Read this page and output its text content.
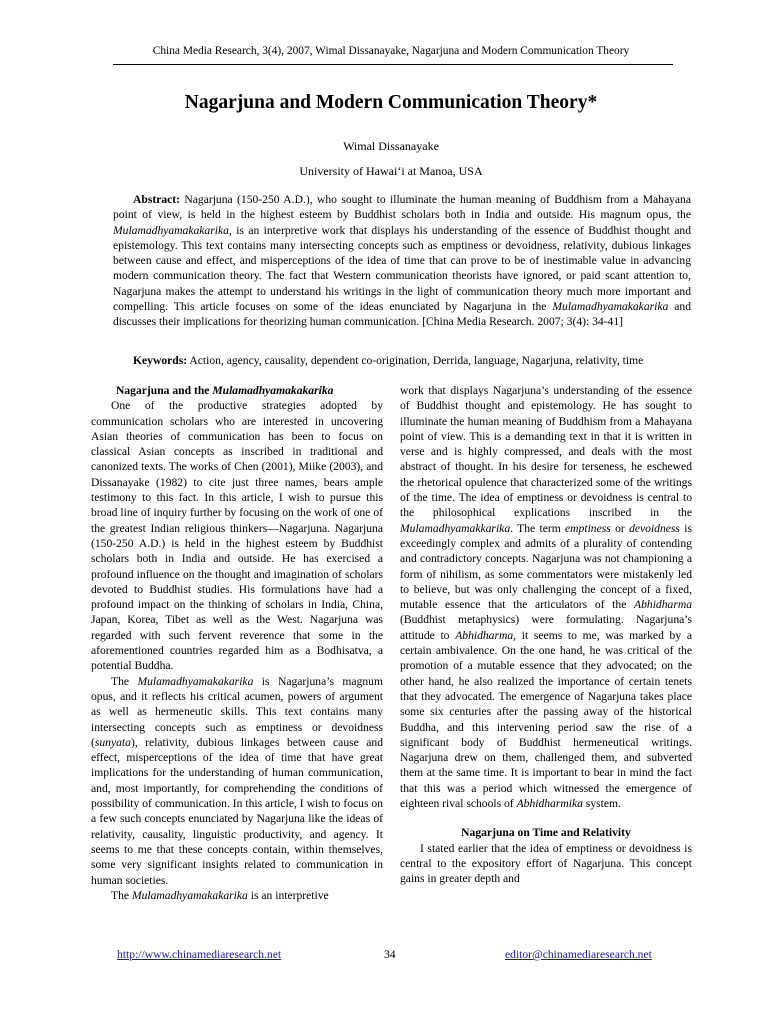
China Media Research, 3(4), 2007, Wimal Dissanayake, Nagarjuna and Modern Communication Theory
Nagarjuna and Modern Communication Theory*
Wimal Dissanayake
University of Hawai‘i at Manoa, USA

Abstract: Nagarjuna (150-250 A.D.), who sought to illuminate the human meaning of Buddhism from a Mahayana point of view, is held in the highest esteem by Buddhist scholars both in India and outside. His magnum opus, the Mulamadhyamakakarika, is an interpretive work that displays his understanding of the essence of Buddhist thought and epistemology. This text contains many intersecting concepts such as emptiness or devoidness, relativity, dubious linkages between cause and effect, and misperceptions of the idea of time that can prove to be of inestimable value in advancing modern communication theory. The fact that Western communication theorists have ignored, or paid scant attention to, Nagarjuna makes the attempt to understand his writings in the light of communication theory much more important and compelling. This article focuses on some of the ideas enunciated by Nagarjuna in the Mulamadhyamakakarika and discusses their implications for theorizing human communication. [China Media Research. 2007; 3(4): 34-41]

Keywords: Action, agency, causality, dependent co-origination, Derrida, language, Nagarjuna, relativity, time

Nagarjuna and the Mulamadhyamakakarika

One of the productive strategies adopted by communication scholars who are interested in uncovering Asian theories of communication has been to focus on classical Asian concepts as inscribed in traditional and canonized texts. The works of Chen (2001), Miike (2003), and Dissanayake (1982) to cite just three names, bears ample testimony to this fact. In this article, I wish to pursue this broad line of inquiry further by focusing on the work of one of the greatest Indian religious thinkers—Nagarjuna. Nagarjuna (150-250 A.D.) is held in the highest esteem by Buddhist scholars both in India and outside. He has exercised a profound influence on the thought and imagination of scholars devoted to Buddhist studies. His formulations have had a profound impact on the thinking of scholars in India, China, Japan, Korea, Tibet as well as the West. Nagarjuna was regarded with such fervent reverence that some in the aforementioned countries regarded him as a Bodhisatva, a potential Buddha.

The Mulamadhyamakakarika is Nagarjuna’s magnum opus, and it reflects his critical acumen, powers of argument as well as hermeneutic skills. This text contains many intersecting concepts such as emptiness or devoidness (sunyata), relativity, dubious linkages between cause and effect, misperceptions of the idea of time that have great implications for the understanding of human communication, and, most importantly, for comprehending the conditions of possibility of communication. In this article, I wish to focus on a few such concepts enunciated by Nagarjuna like the ideas of relativity, causality, linguistic productivity, and agency. It seems to me that these concepts contain, within themselves, some very significant insights related to communication in human societies.

The Mulamadhyamakakarika is an interpretive

work that displays Nagarjuna’s understanding of the essence of Buddhist thought and epistemology. He has sought to illuminate the human meaning of Buddhism from a Mahayana point of view. This is a demanding text in that it is written in verse and is highly compressed, and deals with the most abstract of thought. In his desire for terseness, he eschewed the rhetorical opulence that characterized some of the writings of the time. The idea of emptiness or devoidness is central to the philosophical explications inscribed in the Mulamadhyamakkarika. The term emptiness or devoidness is exceedingly complex and admits of a plurality of contending and contradictory concepts. Nagarjuna was not championing a form of nihilism, as some commentators were mistakenly led to believe, but was only challenging the concept of a fixed, mutable essence that the articulators of the Abhidharma (Buddhist metaphysics) were formulating. Nagarjuna’s attitude to Abhidharma, it seems to me, was marked by a certain ambivalence. On the one hand, he was critical of the promotion of a mutable essence that they advocated; on the other hand, he also realized the importance of certain tenets that they advocated. The emergence of Nagarjuna takes place some six centuries after the passing away of the historical Buddha, and this intervening period saw the rise of a significant body of Buddhist hermeneutical writings. Nagarjuna drew on them, challenged them, and subverted them at the same time. It is important to bear in mind the fact that this was a period which witnessed the emergence of eighteen rival schools of Abhidharmika system.

Nagarjuna on Time and Relativity

I stated earlier that the idea of emptiness or devoidness is central to the expository effort of Nagarjuna. This concept gains in greater depth and

http://www.chinamediaresearch.net	34	editor@chinamediaresearch.net
